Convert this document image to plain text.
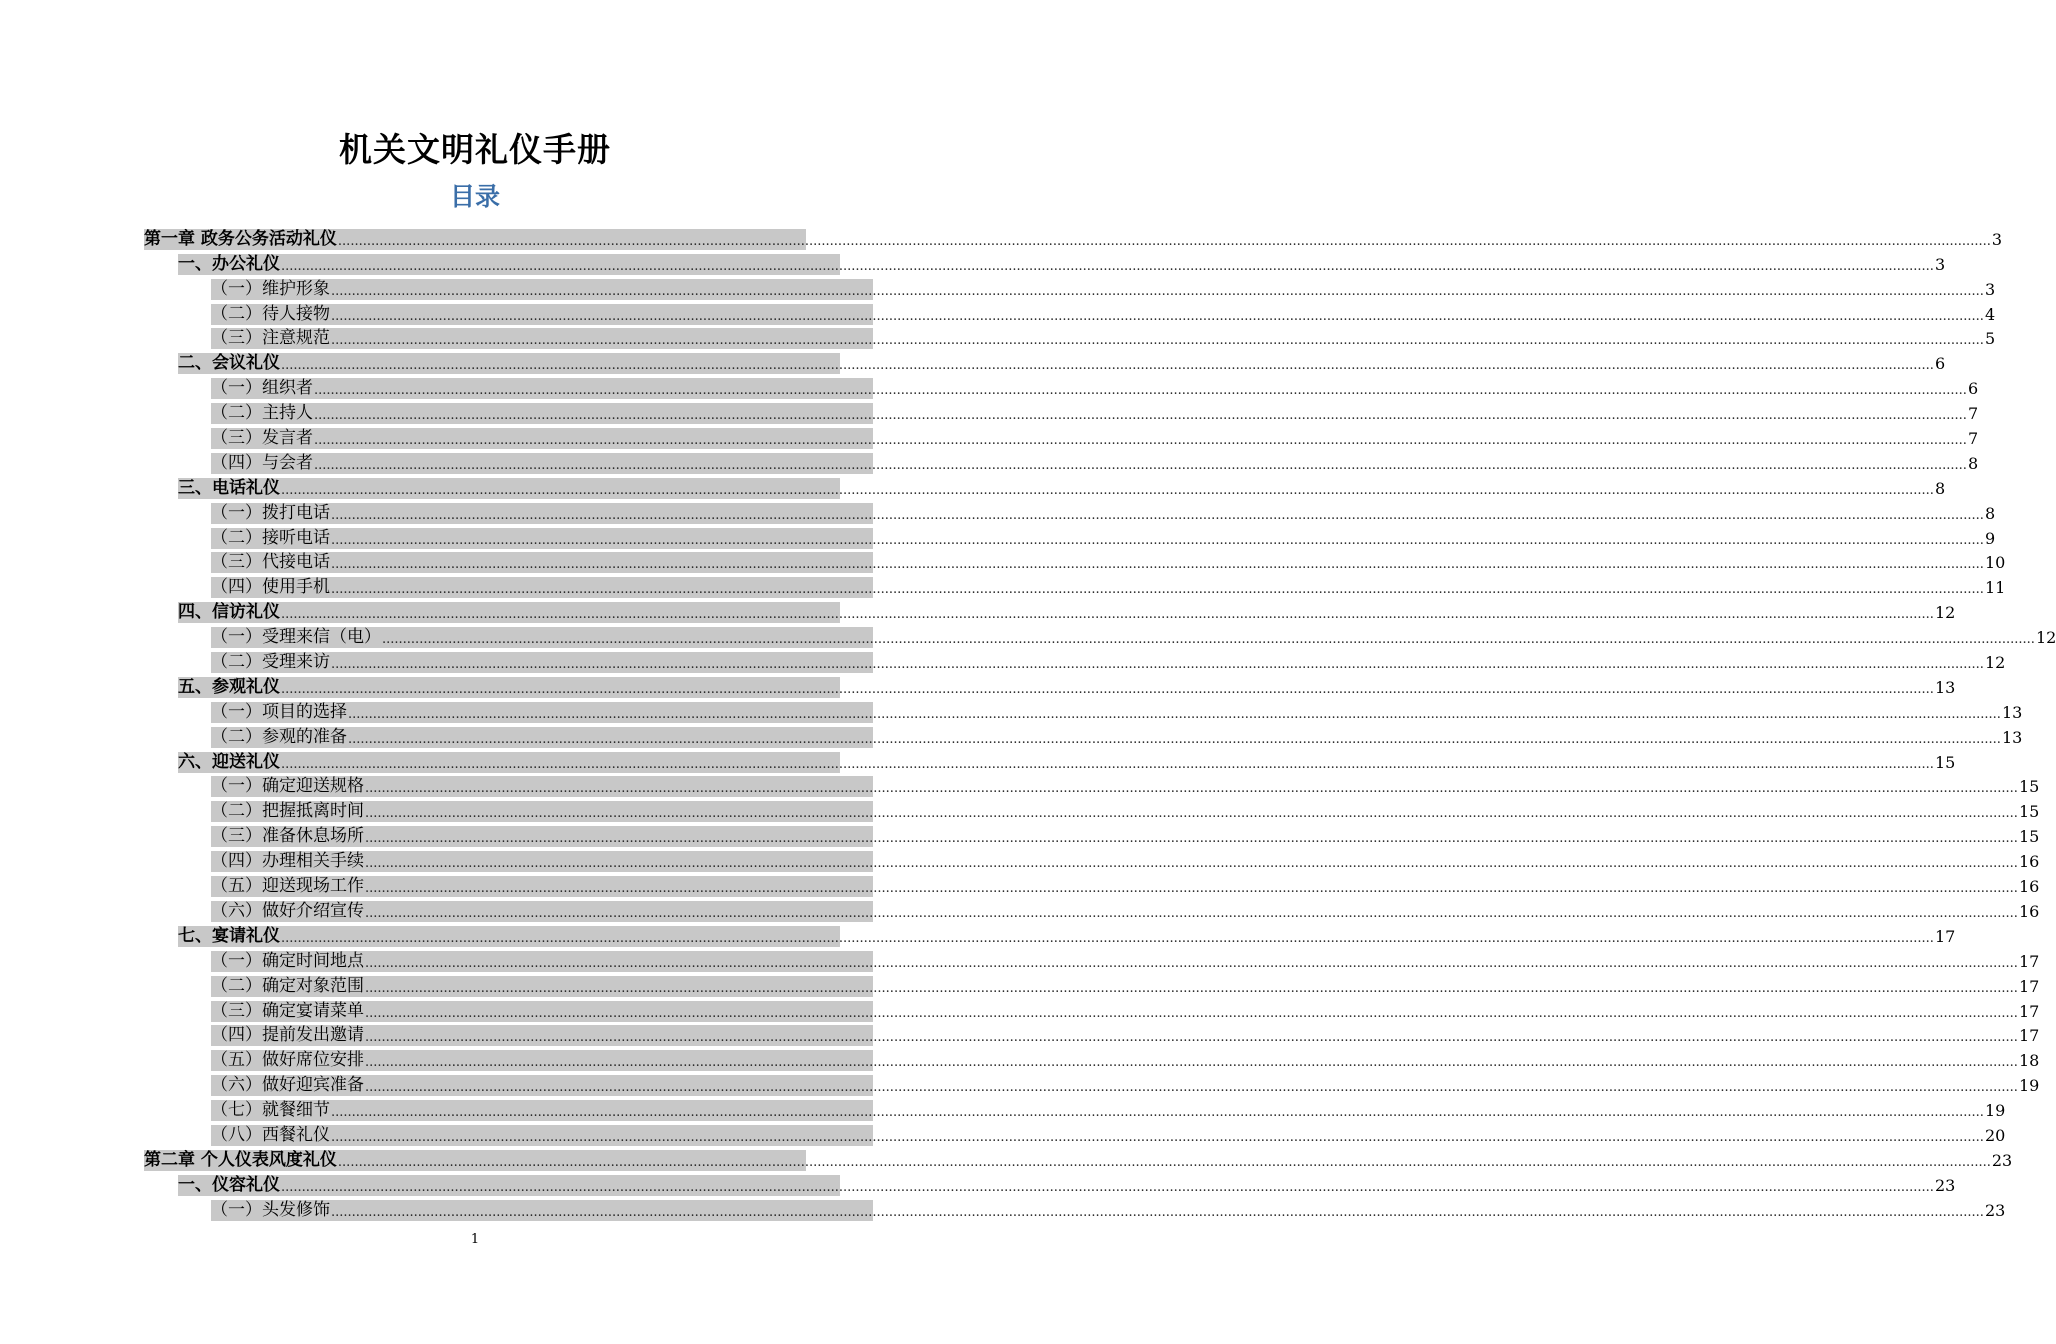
机关文明礼仪手册
目录
第一章 政务公务活动礼仪 ................................................................................................................................................................................................................................................................................................................................................................................................................ 3
一、办公礼仪 ................................................................................................................................................................................................................................................................................................................................................................................................................ 3
（一）维护形象 ................................................................................................................................................................................................................................................................................................................................................................................................................ 3
（二）待人接物 ................................................................................................................................................................................................................................................................................................................................................................................................................ 4
（三）注意规范 ................................................................................................................................................................................................................................................................................................................................................................................................................ 5
二、会议礼仪 ................................................................................................................................................................................................................................................................................................................................................................................................................ 6
（一）组织者 ................................................................................................................................................................................................................................................................................................................................................................................................................ 6
（二）主持人 ................................................................................................................................................................................................................................................................................................................................................................................................................ 7
（三）发言者 ................................................................................................................................................................................................................................................................................................................................................................................................................ 7
（四）与会者 ................................................................................................................................................................................................................................................................................................................................................................................................................ 8
三、电话礼仪 ................................................................................................................................................................................................................................................................................................................................................................................................................ 8
（一）拨打电话 ................................................................................................................................................................................................................................................................................................................................................................................................................ 8
（二）接听电话 ................................................................................................................................................................................................................................................................................................................................................................................................................ 9
（三）代接电话 ................................................................................................................................................................................................................................................................................................................................................................................................................ 10
（四）使用手机 ................................................................................................................................................................................................................................................................................................................................................................................................................ 11
四、信访礼仪 ................................................................................................................................................................................................................................................................................................................................................................................................................ 12
（一）受理来信（电） ................................................................................................................................................................................................................................................................................................................................................................................................................ 12
（二）受理来访 ................................................................................................................................................................................................................................................................................................................................................................................................................ 12
五、参观礼仪 ................................................................................................................................................................................................................................................................................................................................................................................................................ 13
（一）项目的选择 ................................................................................................................................................................................................................................................................................................................................................................................................................ 13
（二）参观的准备 ................................................................................................................................................................................................................................................................................................................................................................................................................ 13
六、迎送礼仪 ................................................................................................................................................................................................................................................................................................................................................................................................................ 15
（一）确定迎送规格 ................................................................................................................................................................................................................................................................................................................................................................................................................ 15
（二）把握抵离时间 ................................................................................................................................................................................................................................................................................................................................................................................................................ 15
（三）准备休息场所 ................................................................................................................................................................................................................................................................................................................................................................................................................ 15
（四）办理相关手续 ................................................................................................................................................................................................................................................................................................................................................................................................................ 16
（五）迎送现场工作 ................................................................................................................................................................................................................................................................................................................................................................................................................ 16
（六）做好介绍宣传 ................................................................................................................................................................................................................................................................................................................................................................................................................ 16
七、宴请礼仪 ................................................................................................................................................................................................................................................................................................................................................................................................................ 17
（一）确定时间地点 ................................................................................................................................................................................................................................................................................................................................................................................................................ 17
（二）确定对象范围 ................................................................................................................................................................................................................................................................................................................................................................................................................ 17
（三）确定宴请菜单 ................................................................................................................................................................................................................................................................................................................................................................................................................ 17
（四）提前发出邀请 ................................................................................................................................................................................................................................................................................................................................................................................................................ 17
（五）做好席位安排 ................................................................................................................................................................................................................................................................................................................................................................................................................ 18
（六）做好迎宾准备 ................................................................................................................................................................................................................................................................................................................................................................................................................ 19
（七）就餐细节 ................................................................................................................................................................................................................................................................................................................................................................................................................ 19
（八）西餐礼仪 ................................................................................................................................................................................................................................................................................................................................................................................................................ 20
第二章 个人仪表风度礼仪 ................................................................................................................................................................................................................................................................................................................................................................................................................ 23
一、仪容礼仪 ................................................................................................................................................................................................................................................................................................................................................................................................................ 23
（一）头发修饰 ................................................................................................................................................................................................................................................................................................................................................................................................................ 23
1
